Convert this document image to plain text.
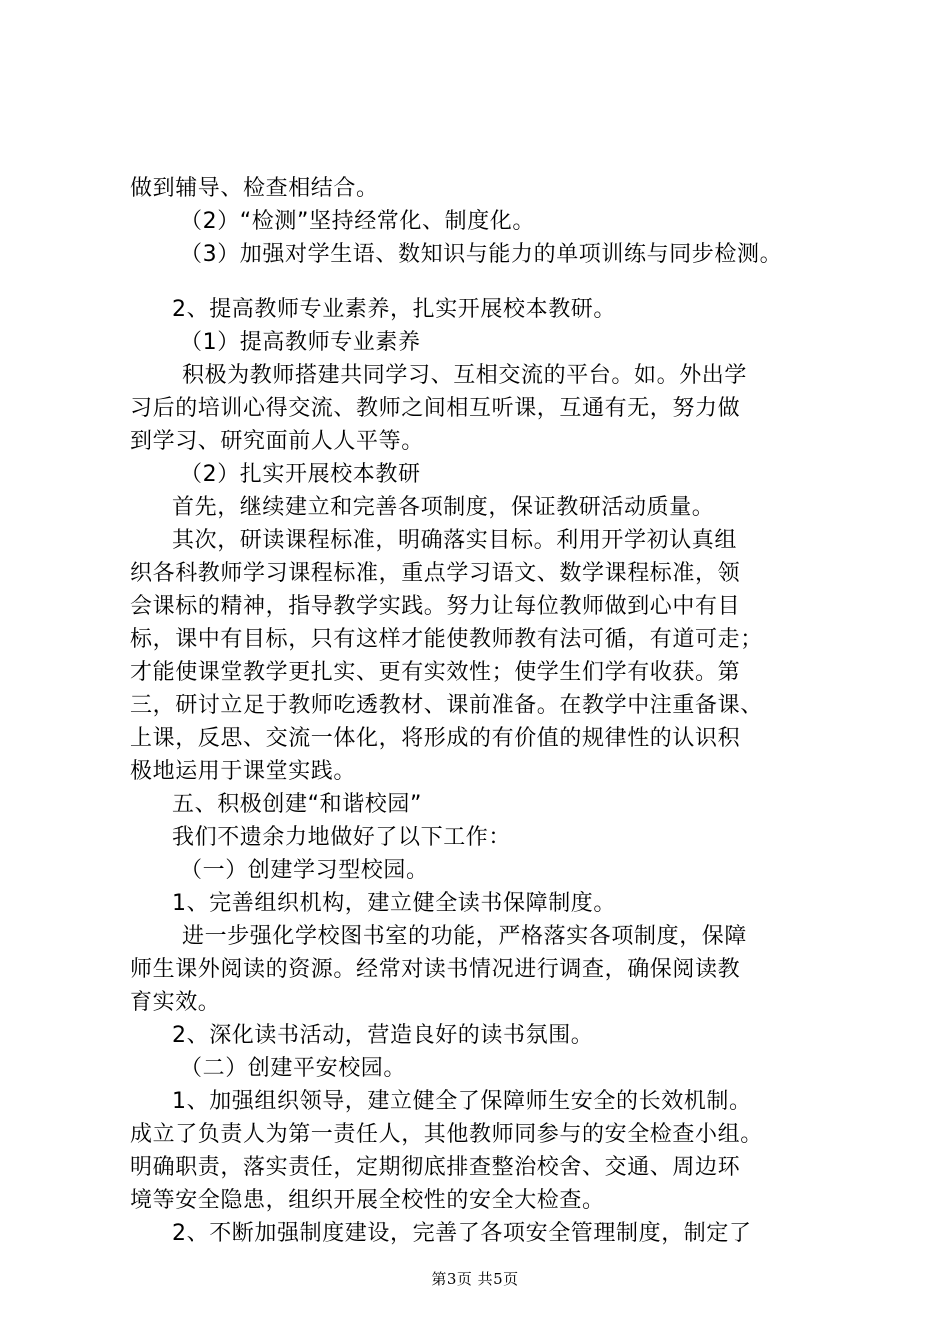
做到辅导、检查相结合。
（2）“检测”坚持经常化、制度化。
（3）加强对学生语、数知识与能力的单项训练与同步检测。
2、提高教师专业素养，扎实开展校本教研。
（1）提高教师专业素养
积极为教师搭建共同学习、互相交流的平台。如。外出学
习后的培训心得交流、教师之间相互听课，互通有无，努力做
到学习、研究面前人人平等。
（2）扎实开展校本教研
首先，继续建立和完善各项制度，保证教研活动质量。
其次，研读课程标准，明确落实目标。利用开学初认真组
织各科教师学习课程标准，重点学习语文、数学课程标准，领
会课标的精神，指导教学实践。努力让每位教师做到心中有目
标，课中有目标，只有这样才能使教师教有法可循，有道可走；
才能使课堂教学更扎实、更有实效性；使学生们学有收获。第
三，研讨立足于教师吃透教材、课前准备。在教学中注重备课、
上课，反思、交流一体化，将形成的有价值的规律性的认识积
极地运用于课堂实践。
五、积极创建“和谐校园”
我们不遗余力地做好了以下工作：
（一）创建学习型校园。
1、完善组织机构，建立健全读书保障制度。
进一步强化学校图书室的功能，严格落实各项制度，保障
师生课外阅读的资源。经常对读书情况进行调查，确保阅读教
育实效。
2、深化读书活动，营造良好的读书氛围。
（二）创建平安校园。
1、加强组织领导，建立健全了保障师生安全的长效机制。
成立了负责人为第一责任人，其他教师同参与的安全检查小组。
明确职责，落实责任，定期彻底排查整治校舍、交通、周边环
境等安全隐患，组织开展全校性的安全大检查。
2、不断加强制度建设，完善了各项安全管理制度，制定了
第3页 共5页
